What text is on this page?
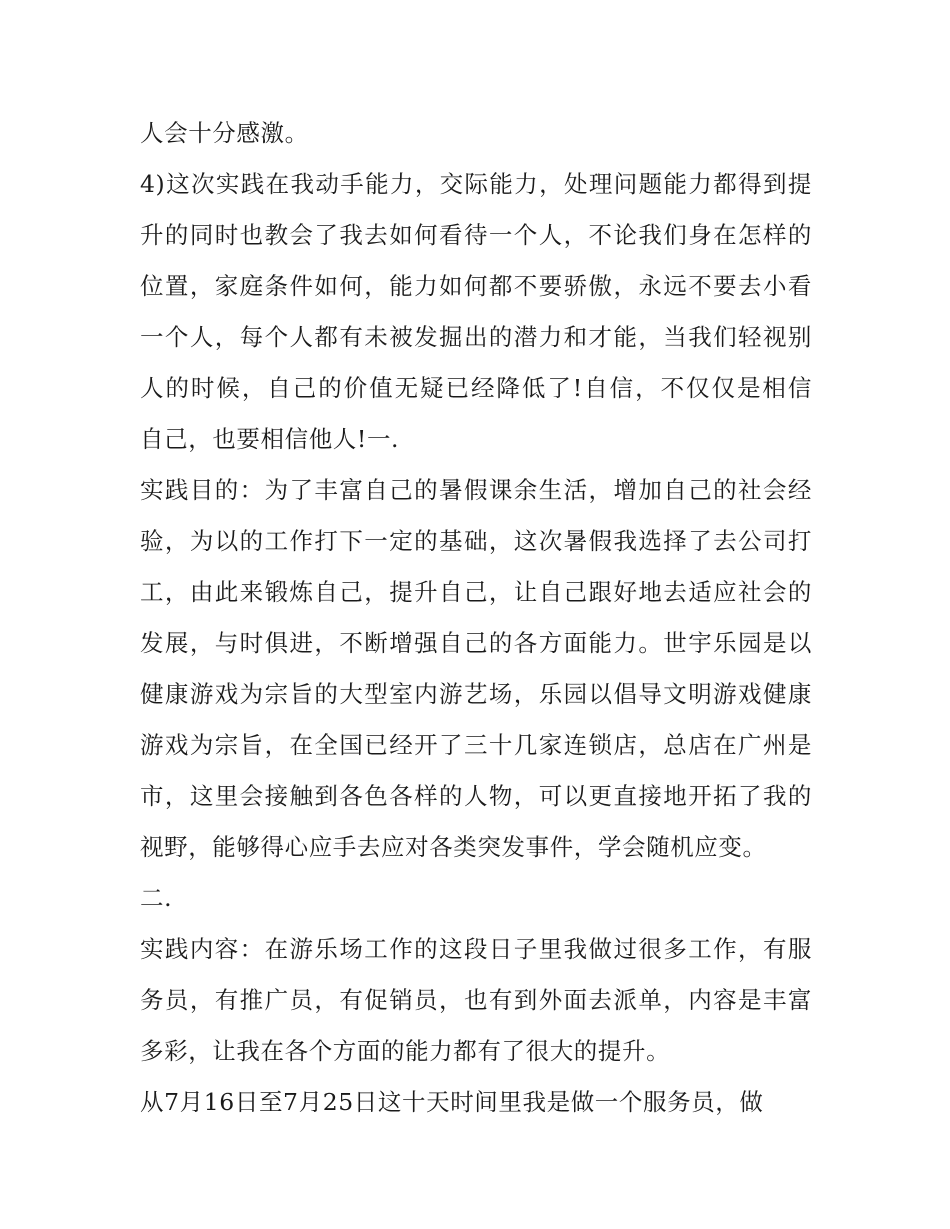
人会十分感激。
4)这次实践在我动手能力，交际能力，处理问题能力都得到提
升的同时也教会了我去如何看待一个人，不论我们身在怎样的
位置，家庭条件如何，能力如何都不要骄傲，永远不要去小看
一个人，每个人都有未被发掘出的潜力和才能，当我们轻视别
人的时候，自己的价值无疑已经降低了!自信，不仅仅是相信
自己，也要相信他人!一.
实践目的：为了丰富自己的暑假课余生活，增加自己的社会经
验，为以的工作打下一定的基础，这次暑假我选择了去公司打
工，由此来锻炼自己，提升自己，让自己跟好地去适应社会的
发展，与时俱进，不断增强自己的各方面能力。世宇乐园是以
健康游戏为宗旨的大型室内游艺场，乐园以倡导文明游戏健康
游戏为宗旨，在全国已经开了三十几家连锁店，总店在广州是
市，这里会接触到各色各样的人物，可以更直接地开拓了我的
视野，能够得心应手去应对各类突发事件，学会随机应变。
二.
实践内容：在游乐场工作的这段日子里我做过很多工作，有服
务员，有推广员，有促销员，也有到外面去派单，内容是丰富
多彩，让我在各个方面的能力都有了很大的提升。
从7月16日至7月25日这十天时间里我是做一个服务员，做
